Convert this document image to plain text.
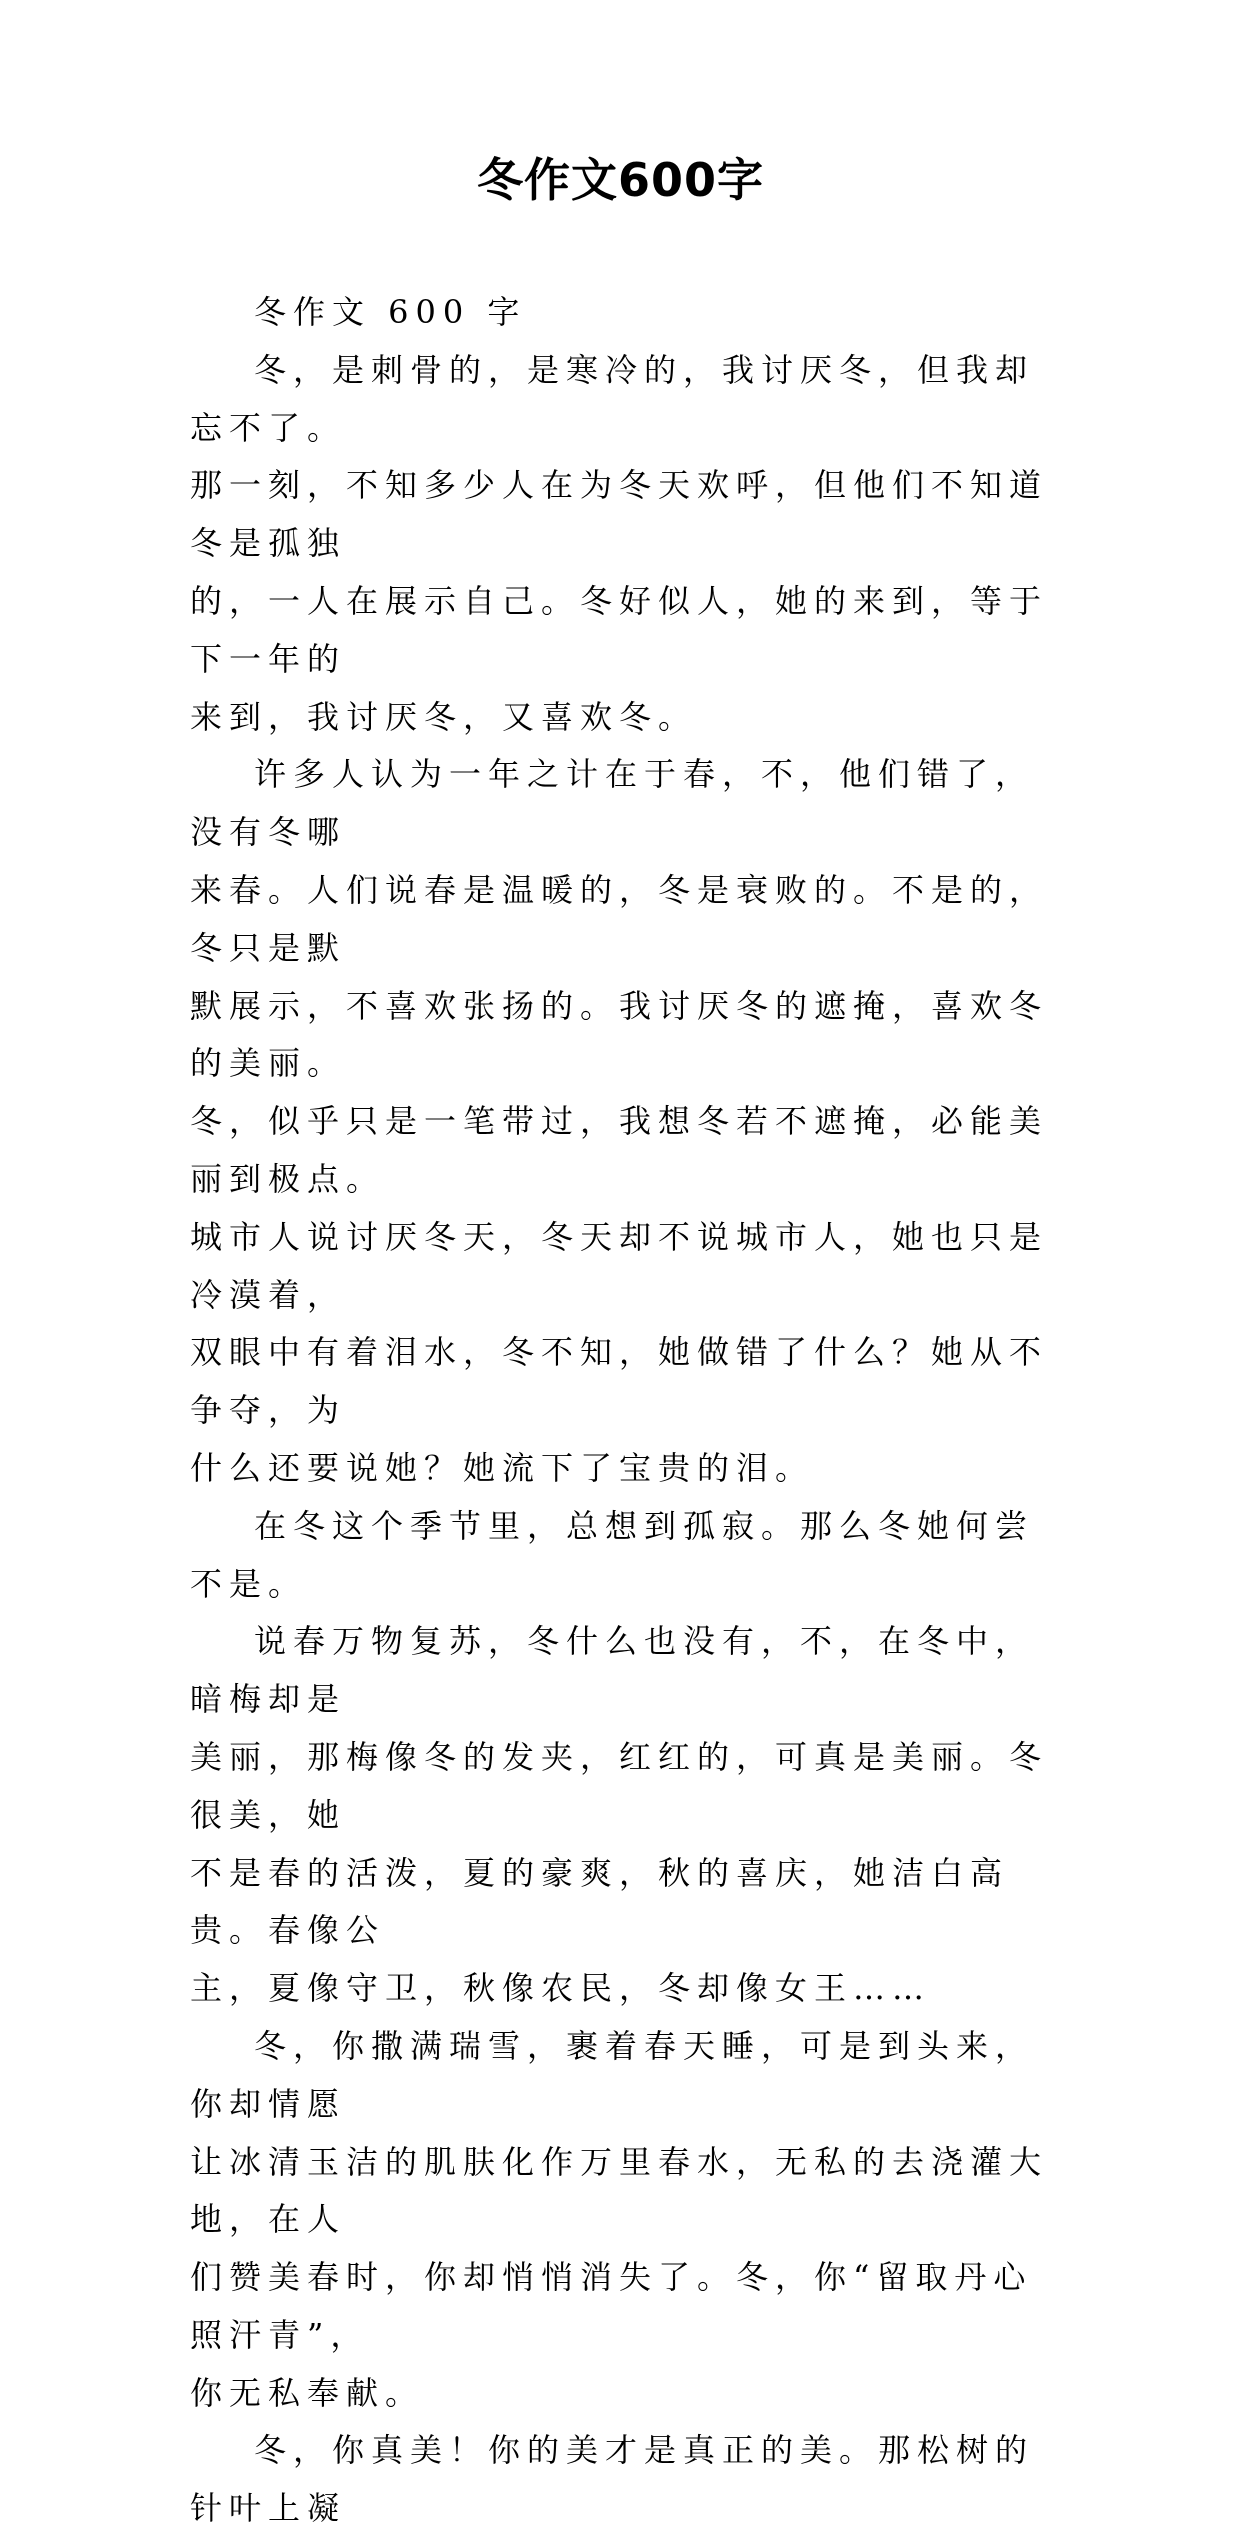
冬作文600字

冬作文 600 字

冬，是刺骨的，是寒冷的，我讨厌冬，但我却忘不了。
那一刻，不知多少人在为冬天欢呼，但他们不知道冬是孤独
的，一人在展示自己。冬好似人，她的来到，等于下一年的
来到，我讨厌冬，又喜欢冬。

许多人认为一年之计在于春，不，他们错了，没有冬哪
来春。人们说春是温暖的，冬是衰败的。不是的，冬只是默
默展示，不喜欢张扬的。我讨厌冬的遮掩，喜欢冬的美丽。
冬，似乎只是一笔带过，我想冬若不遮掩，必能美丽到极点。
城市人说讨厌冬天，冬天却不说城市人，她也只是冷漠着，
双眼中有着泪水，冬不知，她做错了什么？她从不争夺，为
什么还要说她？她流下了宝贵的泪。

在冬这个季节里，总想到孤寂。那么冬她何尝不是。

说春万物复苏，冬什么也没有，不，在冬中，暗梅却是
美丽，那梅像冬的发夹，红红的，可真是美丽。冬很美，她
不是春的活泼，夏的豪爽，秋的喜庆，她洁白高贵。春像公
主，夏像守卫，秋像农民，冬却像女王……

冬，你撒满瑞雪，裹着春天睡，可是到头来，你却情愿
让冰清玉洁的肌肤化作万里春水，无私的去浇灌大地，在人
们赞美春时，你却悄悄消失了。冬，你“留取丹心照汗青”，
你无私奉献。

冬，你真美！你的美才是真正的美。那松树的针叶上凝
